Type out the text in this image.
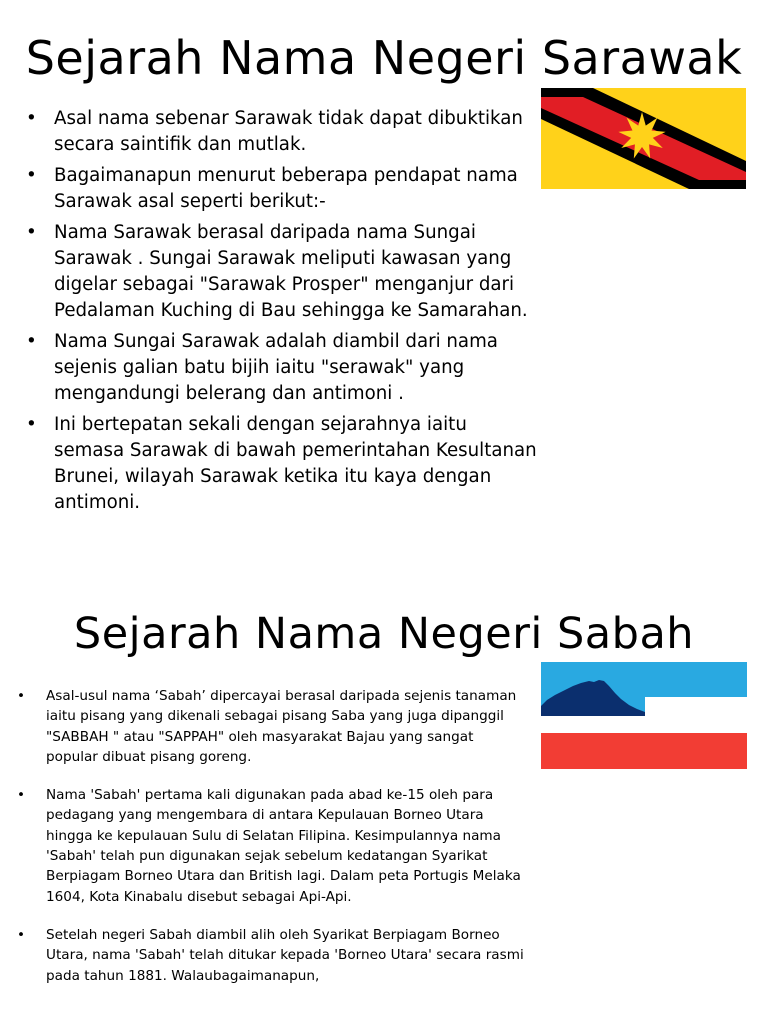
Sejarah Nama Negeri Sarawak
• Asal nama sebenar Sarawak tidak dapat dibuktikan secara saintifik dan mutlak.
• Bagaimanapun menurut beberapa pendapat nama Sarawak asal seperti berikut:-
• Nama Sarawak berasal daripada nama Sungai Sarawak . Sungai Sarawak meliputi kawasan yang digelar sebagai "Sarawak Prosper" menganjur dari Pedalaman Kuching di Bau sehingga ke Samarahan.
• Nama Sungai Sarawak adalah diambil dari nama sejenis galian batu bijih iaitu "serawak" yang mengandungi belerang dan antimoni .
• Ini bertepatan sekali dengan sejarahnya iaitu semasa Sarawak di bawah pemerintahan Kesultanan Brunei, wilayah Sarawak ketika itu kaya dengan antimoni.
Sejarah Nama Negeri Sabah
• Asal-usul nama ‘Sabah’ dipercayai berasal daripada sejenis tanaman iaitu pisang yang dikenali sebagai pisang Saba yang juga dipanggil "SABBAH " atau "SAPPAH" oleh masyarakat Bajau yang sangat popular dibuat pisang goreng.
• Nama 'Sabah' pertama kali digunakan pada abad ke-15 oleh para pedagang yang mengembara di antara Kepulauan Borneo Utara hingga ke kepulauan Sulu di Selatan Filipina. Kesimpulannya nama 'Sabah' telah pun digunakan sejak sebelum kedatangan Syarikat Berpiagam Borneo Utara dan British lagi. Dalam peta Portugis Melaka 1604, Kota Kinabalu disebut sebagai Api-Api.
• Setelah negeri Sabah diambil alih oleh Syarikat Berpiagam Borneo Utara, nama 'Sabah' telah ditukar kepada 'Borneo Utara' secara rasmi pada tahun 1881. Walaubagaimanapun,
